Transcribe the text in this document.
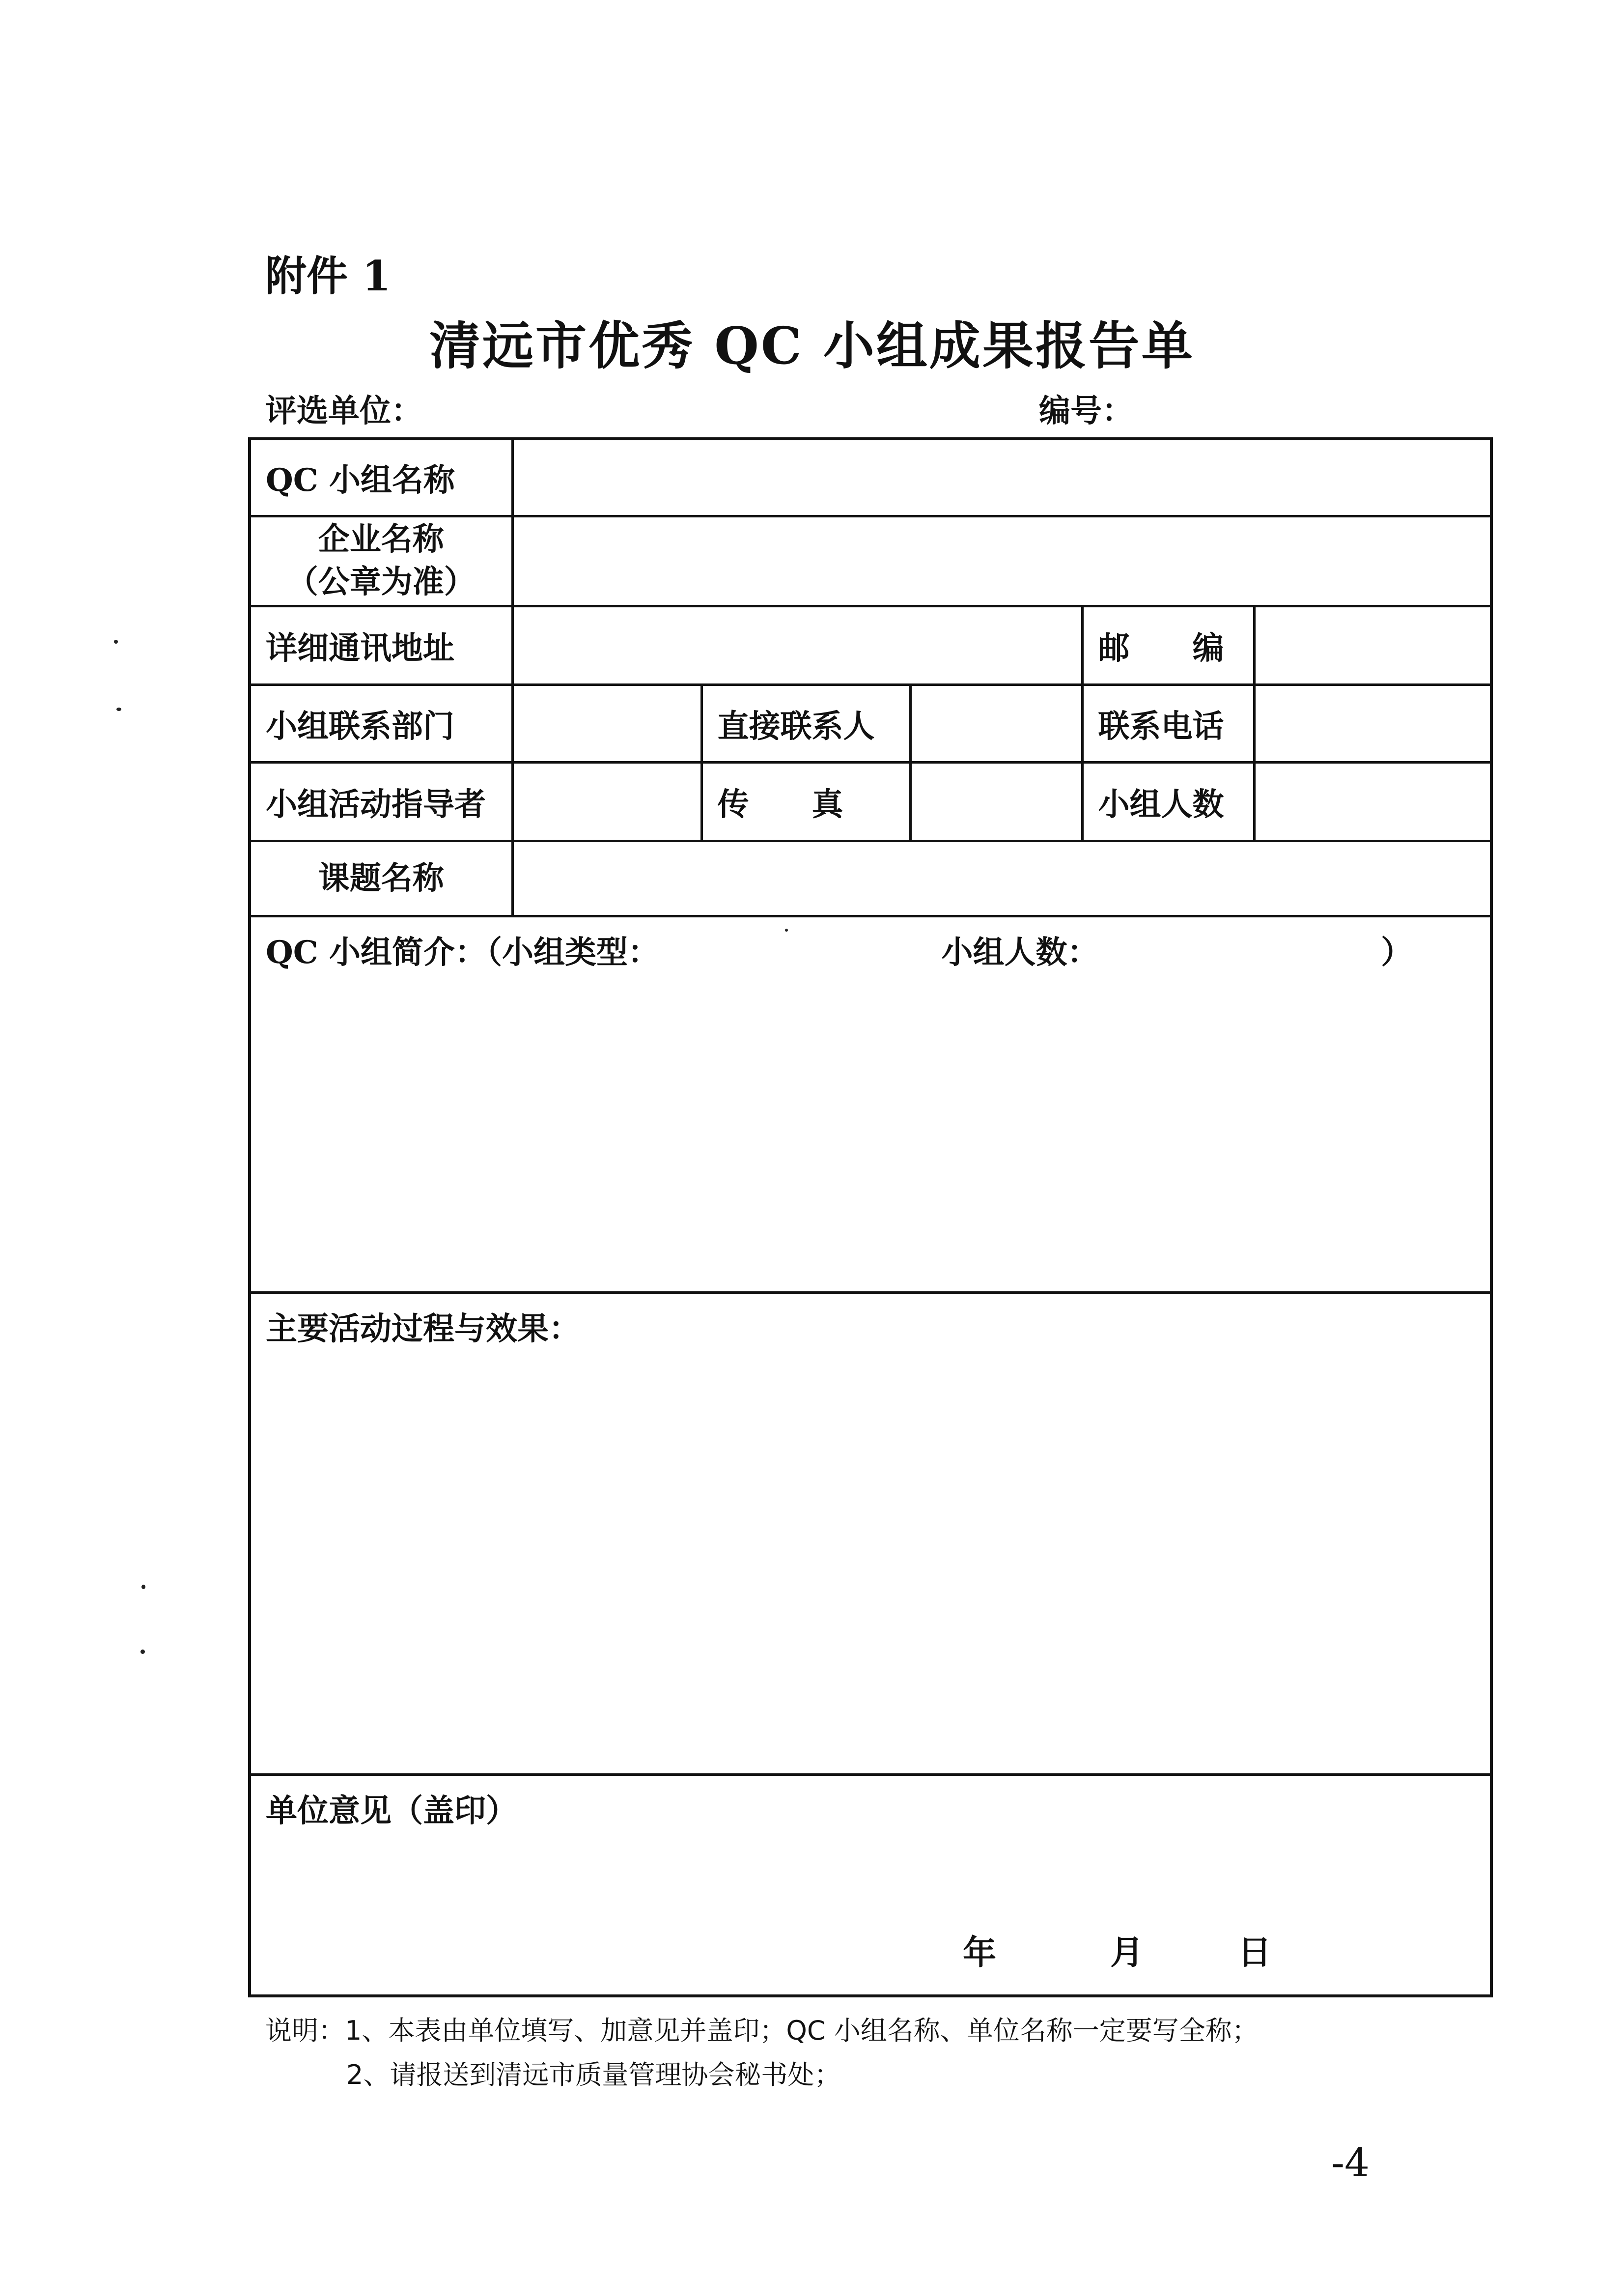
附件 1
清远市优秀 QC 小组成果报告单
评选单位：	编号：
QC 小组名称					

企业名称
（公章为准）					

详细通讯地址				邮　　编	
小组联系部门		直接联系人		联系电话	
小组活动指导者		传　　真		小组人数	
课题名称					
QC 小组简介：（小组类型： 小组人数： ）					
主要活动过程与效果：					
单位意见（盖印）					
年	月	日
说明：1、本表由单位填写、加意见并盖印；QC 小组名称、单位名称一定要写全称；
2、请报送到清远市质量管理协会秘书处；
-4
